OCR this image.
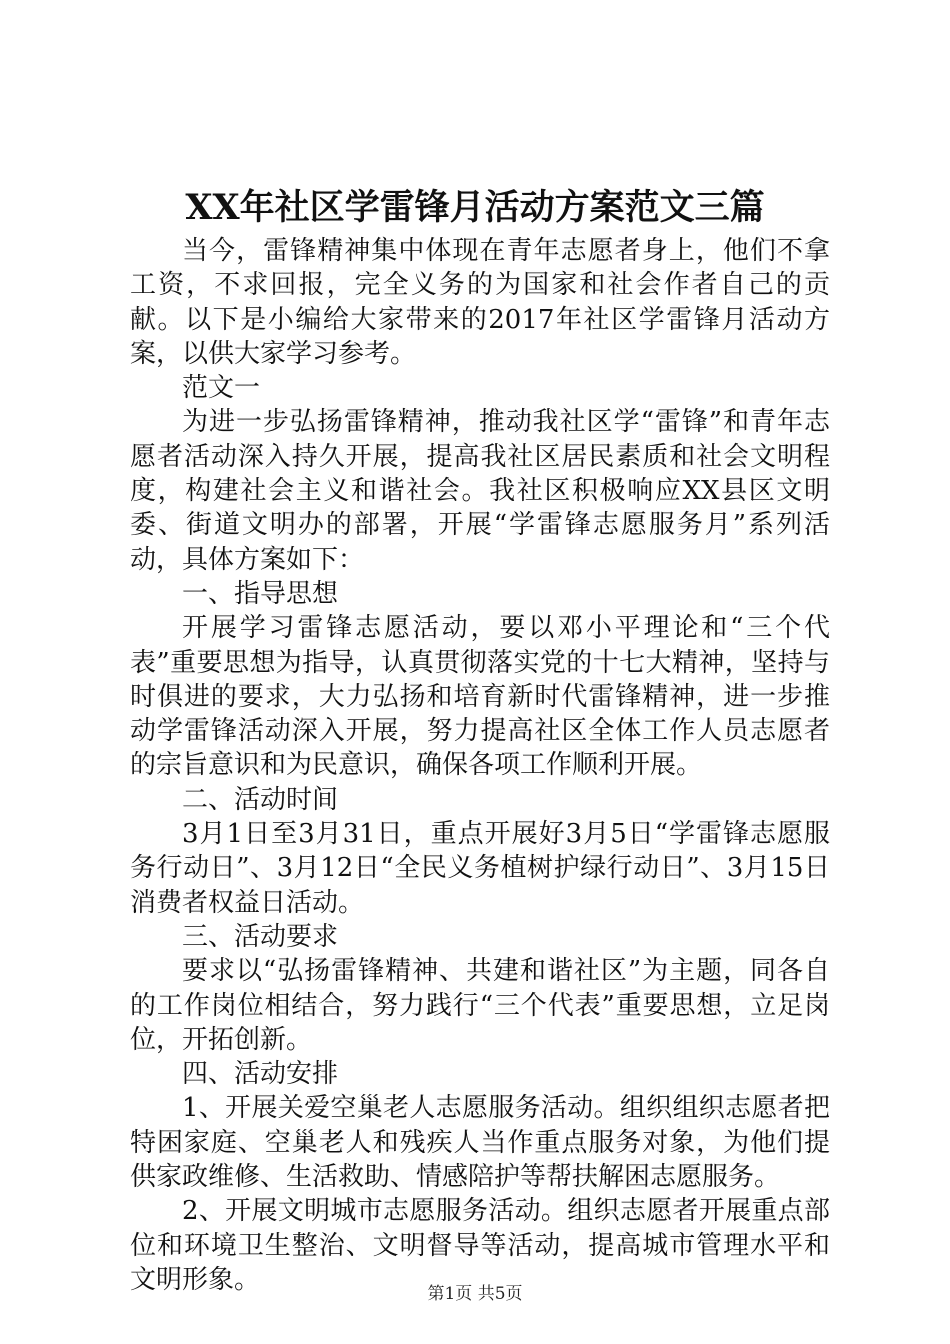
XX年社区学雷锋月活动方案范文三篇

当今，雷锋精神集中体现在青年志愿者身上，他们不拿工资，不求回报，完全义务的为国家和社会作者自己的贡献。以下是小编给大家带来的2017年社区学雷锋月活动方案，以供大家学习参考。

范文一

为进一步弘扬雷锋精神，推动我社区学“雷锋”和青年志愿者活动深入持久开展，提高我社区居民素质和社会文明程度，构建社会主义和谐社会。我社区积极响应XX县区文明委、街道文明办的部署，开展“学雷锋志愿服务月”系列活动，具体方案如下：

一、指导思想

开展学习雷锋志愿活动，要以邓小平理论和“三个代表”重要思想为指导，认真贯彻落实党的十七大精神，坚持与时俱进的要求，大力弘扬和培育新时代雷锋精神，进一步推动学雷锋活动深入开展，努力提高社区全体工作人员志愿者的宗旨意识和为民意识，确保各项工作顺利开展。

二、活动时间

3月1日至3月31日，重点开展好3月5日“学雷锋志愿服务行动日”、3月12日“全民义务植树护绿行动日”、3月15日消费者权益日活动。

三、活动要求

要求以“弘扬雷锋精神、共建和谐社区”为主题，同各自的工作岗位相结合，努力践行“三个代表”重要思想，立足岗位，开拓创新。

四、活动安排

1、开展关爱空巢老人志愿服务活动。组织组织志愿者把特困家庭、空巢老人和残疾人当作重点服务对象，为他们提供家政维修、生活救助、情感陪护等帮扶解困志愿服务。

2、开展文明城市志愿服务活动。组织志愿者开展重点部位和环境卫生整治、文明督导等活动，提高城市管理水平和文明形象。	第1页 共5页
